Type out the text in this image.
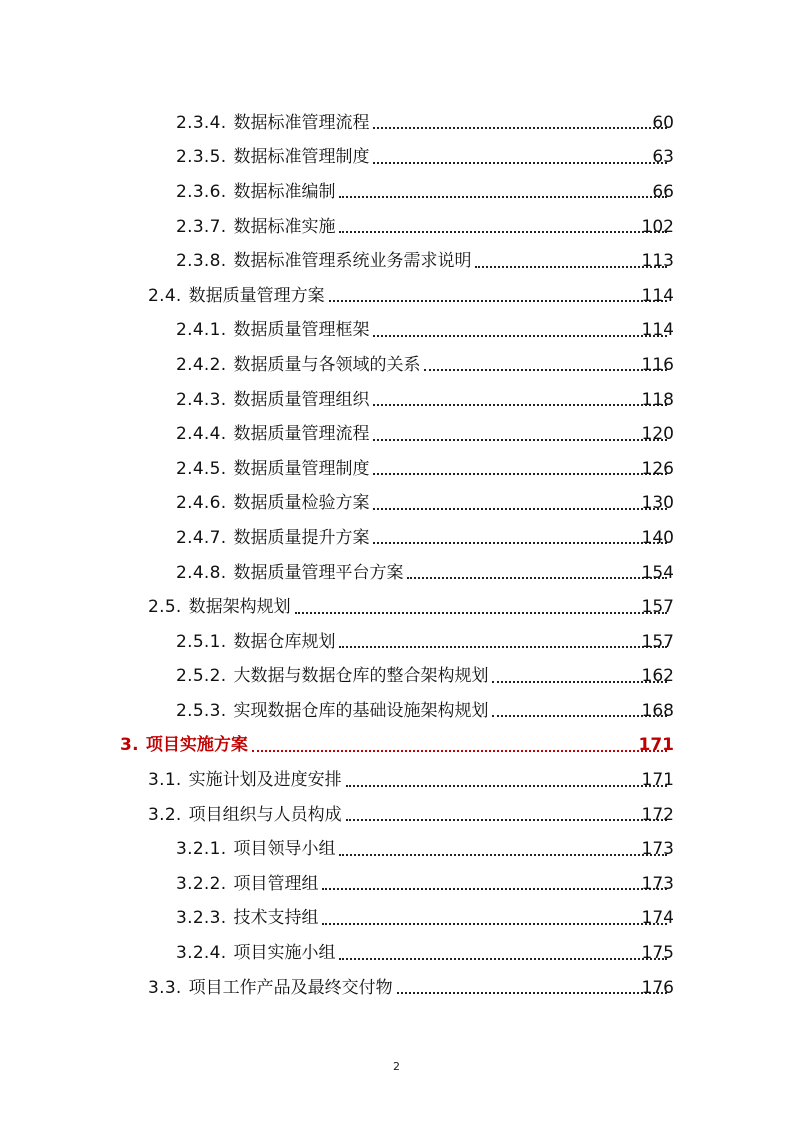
2.3.4. 数据标准管理流程	60
2.3.5. 数据标准管理制度	63
2.3.6. 数据标准编制	66
2.3.7. 数据标准实施	102
2.3.8. 数据标准管理系统业务需求说明	113
2.4. 数据质量管理方案	114
2.4.1. 数据质量管理框架	114
2.4.2. 数据质量与各领域的关系	116
2.4.3. 数据质量管理组织	118
2.4.4. 数据质量管理流程	120
2.4.5. 数据质量管理制度	126
2.4.6. 数据质量检验方案	130
2.4.7. 数据质量提升方案	140
2.4.8. 数据质量管理平台方案	154
2.5. 数据架构规划	157
2.5.1. 数据仓库规划	157
2.5.2. 大数据与数据仓库的整合架构规划	162
2.5.3. 实现数据仓库的基础设施架构规划	168
3. 项目实施方案	171
3.1. 实施计划及进度安排	171
3.2. 项目组织与人员构成	172
3.2.1. 项目领导小组	173
3.2.2. 项目管理组	173
3.2.3. 技术支持组	174
3.2.4. 项目实施小组	175
3.3. 项目工作产品及最终交付物	176
2
